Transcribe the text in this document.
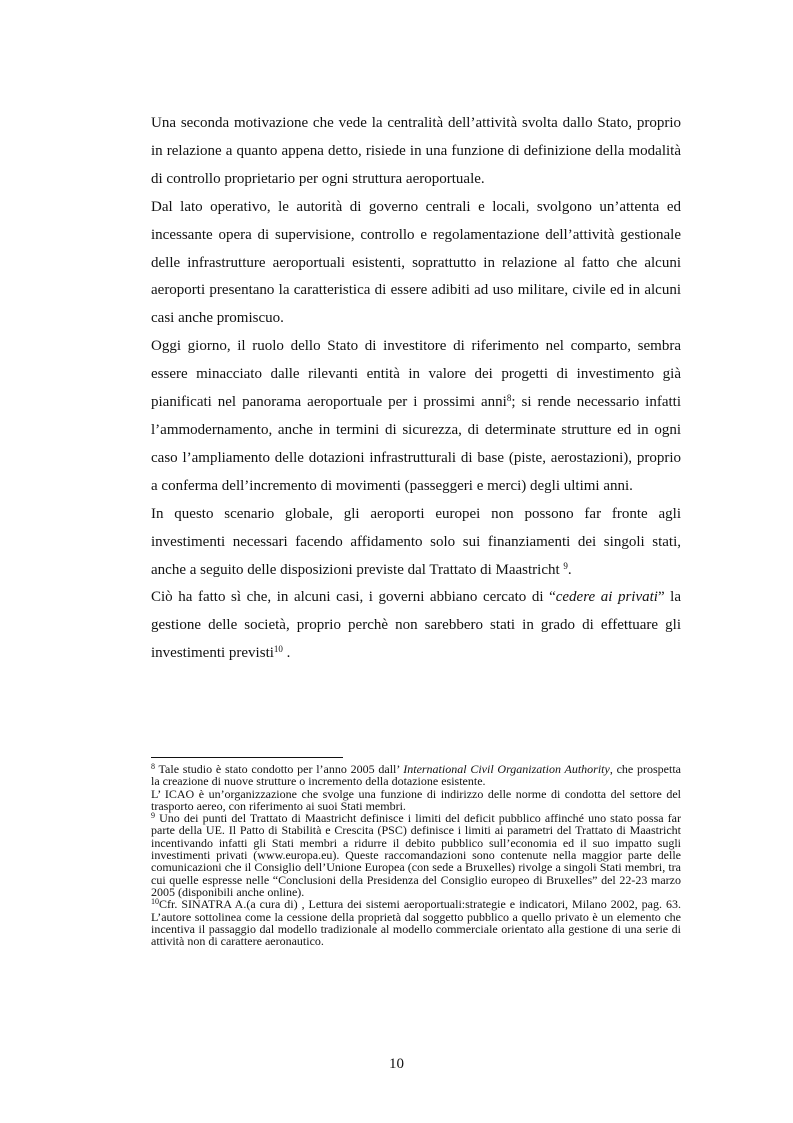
Una seconda motivazione che vede la centralità dell’attività svolta dallo Stato, proprio in relazione a quanto appena detto, risiede in una funzione di definizione della modalità di controllo proprietario per ogni struttura aeroportuale.

Dal lato operativo, le autorità di governo centrali e locali, svolgono un’attenta ed incessante opera di supervisione, controllo e regolamentazione dell’attività gestionale delle infrastrutture aeroportuali esistenti, soprattutto in relazione al fatto che alcuni aeroporti presentano la caratteristica di essere adibiti ad uso militare, civile ed in alcuni casi anche promiscuo.

Oggi giorno, il ruolo dello Stato di investitore di riferimento nel comparto, sembra essere minacciato dalle rilevanti entità in valore dei progetti di investimento già pianificati nel panorama aeroportuale per i prossimi anni$^8$; si rende necessario infatti l’ammodernamento, anche in termini di sicurezza, di determinate strutture ed in ogni caso l’ampliamento delle dotazioni infrastrutturali di base (piste, aerostazioni), proprio a conferma dell’incremento di movimenti (passeggeri e merci) degli ultimi anni.

In questo scenario globale, gli aeroporti europei non possono far fronte agli investimenti necessari facendo affidamento solo sui finanziamenti dei singoli stati, anche a seguito delle disposizioni previste dal Trattato di Maastricht $^9$.

Ciò ha fatto sì che, in alcuni casi, i governi abbiano cercato di “cedere ai privati” la gestione delle società, proprio perchè non sarebbero stati in grado di effettuare gli investimenti previsti$^{10}$ .

$^8$ Tale studio è stato condotto per l’anno 2005 dall’ International Civil Organization Authority, che prospetta la creazione di nuove strutture o incremento della dotazione esistente.

L’ ICAO è un’organizzazione che svolge una funzione di indirizzo delle norme di condotta del settore del trasporto aereo, con riferimento ai suoi Stati membri.

$^9$ Uno dei punti del Trattato di Maastricht definisce i limiti del deficit pubblico affinché uno stato possa far parte della UE. Il Patto di Stabilità e Crescita (PSC) definisce i limiti ai parametri del Trattato di Maastricht incentivando infatti gli Stati membri a ridurre il debito pubblico sull’economia ed il suo impatto sugli investimenti privati (www.europa.eu). Queste raccomandazioni sono contenute nella maggior parte delle comunicazioni che il Consiglio dell’Unione Europea (con sede a Bruxelles) rivolge a singoli Stati membri, tra cui quelle espresse nelle “Conclusioni della Presidenza del Consiglio europeo di Bruxelles” del 22-23 marzo 2005 (disponibili anche online).

$^{10}$Cfr. SINATRA A.(a cura di) , Lettura dei sistemi aeroportuali:strategie e indicatori, Milano 2002, pag. 63. L’autore sottolinea come la cessione della proprietà dal soggetto pubblico a quello privato è un elemento che incentiva il passaggio dal modello tradizionale al modello commerciale orientato alla gestione di una serie di attività non di carattere aeronautico.

10
